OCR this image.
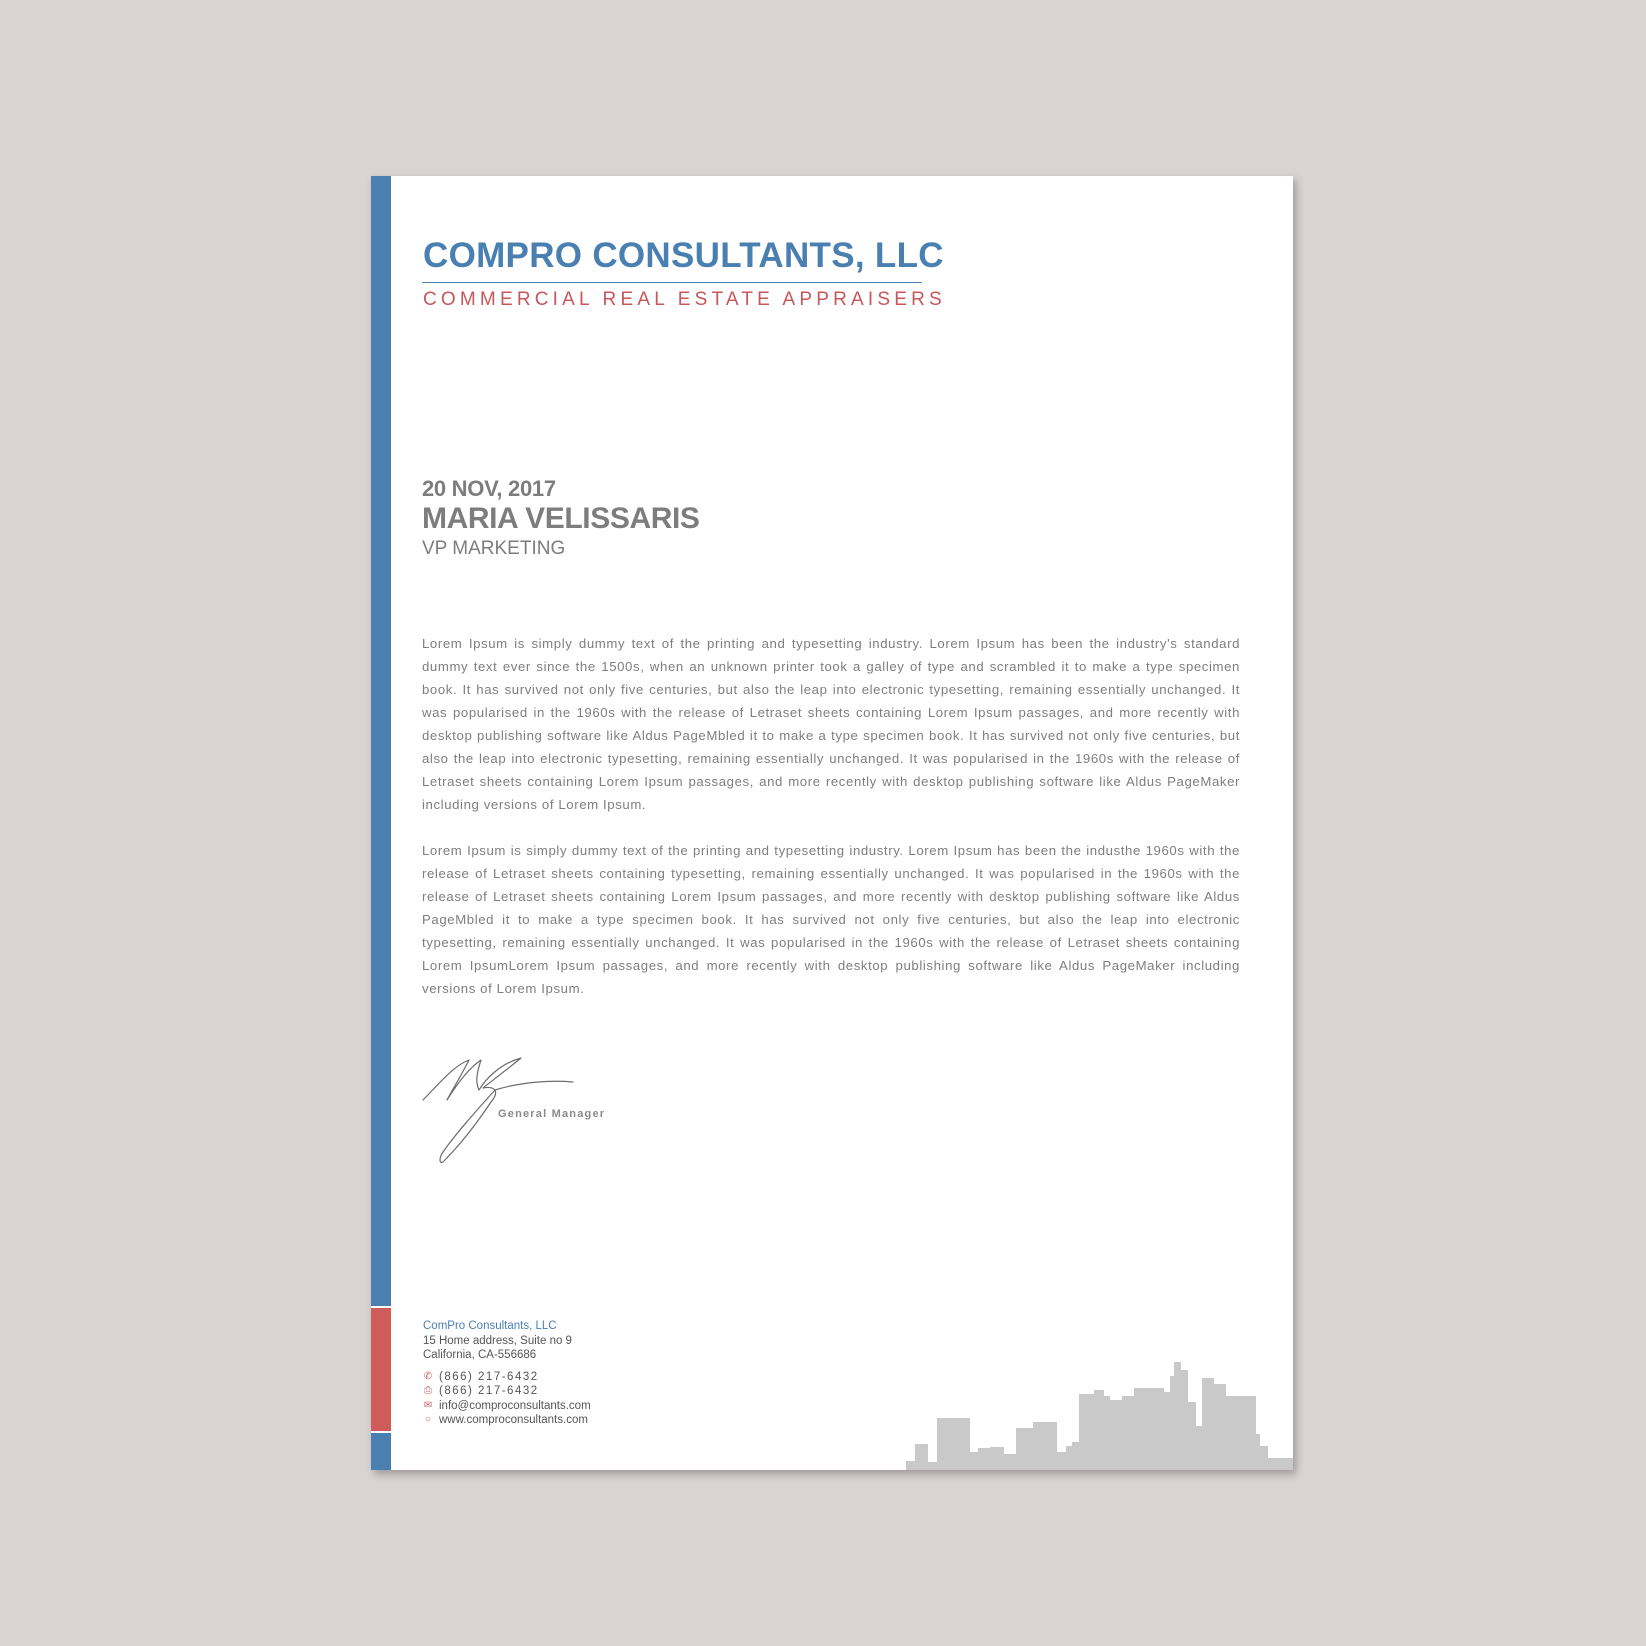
COMPRO CONSULTANTS, LLC
COMMERCIAL REAL ESTATE APPRAISERS
20 NOV, 2017
MARIA VELISSARIS
VP MARKETING

Lorem Ipsum is simply dummy text of the printing and typesetting industry. Lorem Ipsum has been the industry's standard dummy text ever since the 1500s, when an unknown printer took a galley of type and scrambled it to make a type specimen book. It has survived not only five centuries, but also the leap into electronic typesetting, remaining essentially unchanged. It was popularised in the 1960s with the release of Letraset sheets containing Lorem Ipsum passages, and more recently with desktop publishing software like Aldus PageMbled it to make a type specimen book. It has survived not only five centuries, but also the leap into electronic typesetting, remaining essentially unchanged. It was popularised in the 1960s with the release of Letraset sheets containing Lorem Ipsum passages, and more recently with desktop publishing software like Aldus PageMaker including versions of Lorem Ipsum.

Lorem Ipsum is simply dummy text of the printing and typesetting industry. Lorem Ipsum has been the industhe 1960s with the release of Letraset sheets containing typesetting, remaining essentially unchanged. It was popularised in the 1960s with the release of Letraset sheets containing Lorem Ipsum passages, and more recently with desktop publishing software like Aldus PageMbled it to make a type specimen book. It has survived not only five centuries, but also the leap into electronic typesetting, remaining essentially unchanged. It was popularised in the 1960s with the release of Letraset sheets containing Lorem IpsumLorem Ipsum passages, and more recently with desktop publishing software like Aldus PageMaker including versions of Lorem Ipsum.

General Manager
ComPro Consultants, LLC
15 Home address, Suite no 9
California, CA-556686
✆ (866) 217-6432
⎙ (866) 217-6432
✉ info@comproconsultants.com
○ www.comproconsultants.com
